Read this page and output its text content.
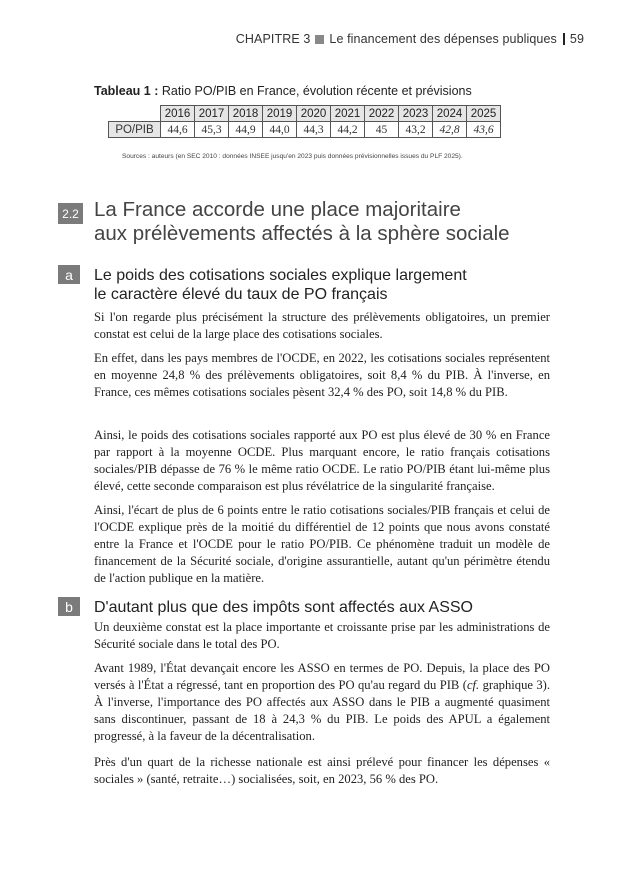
CHAPITRE 3 Le financement des dépenses publiques 59
Tableau 1 : Ratio PO/PIB en France, évolution récente et prévisions
	2016	2017	2018	2019	2020	2021	2022	2023	2024	2025
PO/PIB	44,6	45,3	44,9	44,0	44,3	44,2	45	43,2	42,8	43,6
Sources : auteurs (en SEC 2010 : données INSEE jusqu'en 2023 puis données prévisionnelles issues du PLF 2025).
2.2 La France accorde une place majoritaire
aux prélèvements affectés à la sphère sociale
a	Le poids des cotisations sociales explique largement
le caractère élevé du taux de PO français

Si l'on regarde plus précisément la structure des prélèvements obligatoires, un premier constat est celui de la large place des cotisations sociales.

En effet, dans les pays membres de l'OCDE, en 2022, les cotisations sociales représentent en moyenne 24,8 % des prélèvements obligatoires, soit 8,4 % du PIB. À l'inverse, en France, ces mêmes cotisations sociales pèsent 32,4 % des PO, soit 14,8 % du PIB.

Ainsi, le poids des cotisations sociales rapporté aux PO est plus élevé de 30 % en France par rapport à la moyenne OCDE. Plus marquant encore, le ratio français cotisations sociales/PIB dépasse de 76 % le même ratio OCDE. Le ratio PO/PIB étant lui-même plus élevé, cette seconde comparaison est plus révélatrice de la singularité française.

Ainsi, l'écart de plus de 6 points entre le ratio cotisations sociales/PIB français et celui de l'OCDE explique près de la moitié du différentiel de 12 points que nous avons constaté entre la France et l'OCDE pour le ratio PO/PIB. Ce phénomène traduit un modèle de financement de la Sécurité sociale, d'origine assurantielle, autant qu'un périmètre étendu de l'action publique en la matière.

b	D'autant plus que des impôts sont affectés aux ASSO

Un deuxième constat est la place importante et croissante prise par les administrations de Sécurité sociale dans le total des PO.

Avant 1989, l'État devançait encore les ASSO en termes de PO. Depuis, la place des PO versés à l'État a régressé, tant en proportion des PO qu'au regard du PIB (cf. graphique 3). À l'inverse, l'importance des PO affectés aux ASSO dans le PIB a augmenté quasiment sans discontinuer, passant de 18 à 24,3 % du PIB. Le poids des APUL a également progressé, à la faveur de la décentralisation.

Près d'un quart de la richesse nationale est ainsi prélevé pour financer les dépenses « sociales » (santé, retraite…) socialisées, soit, en 2023, 56 % des PO.
